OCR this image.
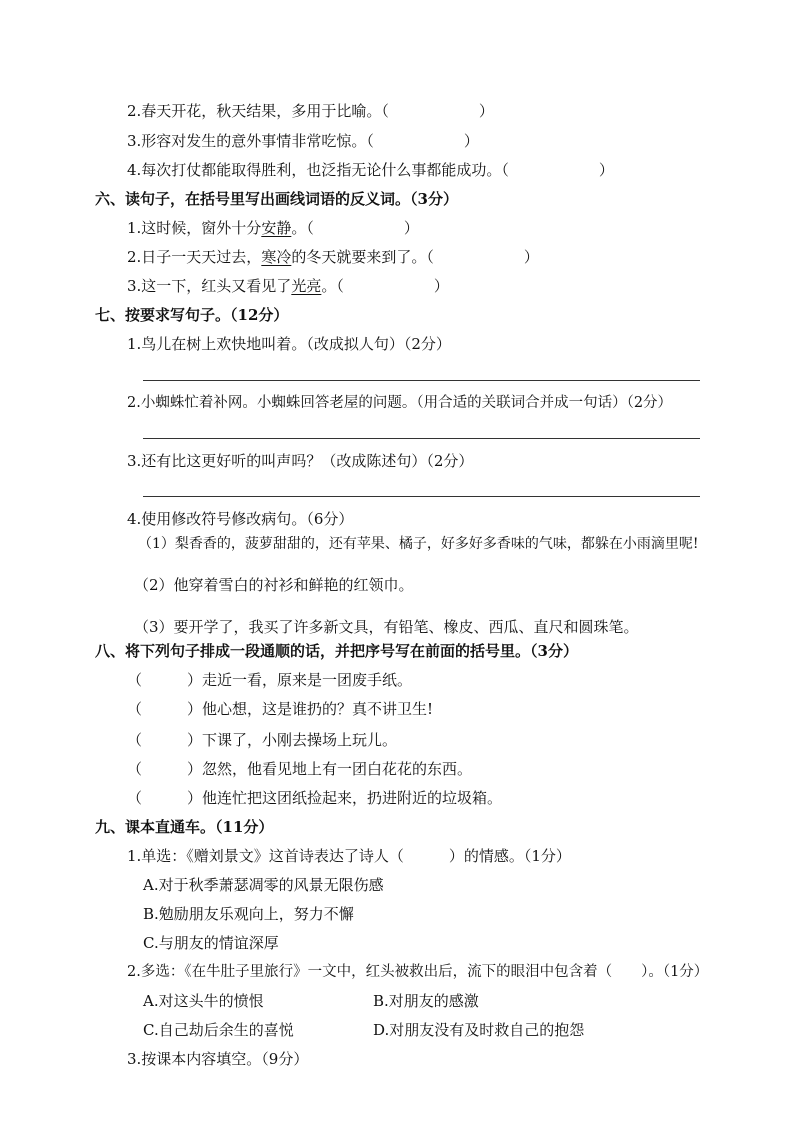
2.春天开花，秋天结果，多用于比喻。（　　　　　　）
3.形容对发生的意外事情非常吃惊。（　　　　　　）
4.每次打仗都能取得胜利，也泛指无论什么事都能成功。（　　　　　　）
六、读句子，在括号里写出画线词语的反义词。（3分）
1.这时候，窗外十分安静。（　　　　　　）
2.日子一天天过去，寒冷的冬天就要来到了。（　　　　　　）
3.这一下，红头又看见了光亮。（　　　　　　）
七、按要求写句子。（12分）
1.鸟儿在树上欢快地叫着。（改成拟人句）（2分）
2.小蜘蛛忙着补网。小蜘蛛回答老屋的问题。（用合适的关联词合并成一句话）（2分）
3.还有比这更好听的叫声吗？（改成陈述句）（2分）
4.使用修改符号修改病句。（6分）
（1）梨香香的，菠萝甜甜的，还有苹果、橘子，好多好多香味的气味，都躲在小雨滴里呢!
（2）他穿着雪白的衬衫和鲜艳的红领巾。
（3）要开学了，我买了许多新文具，有铅笔、橡皮、西瓜、直尺和圆珠笔。
八、将下列句子排成一段通顺的话，并把序号写在前面的括号里。（3分）
（　　　）走近一看，原来是一团废手纸。
（　　　）他心想，这是谁扔的？真不讲卫生!
（　　　）下课了，小刚去操场上玩儿。
（　　　）忽然，他看见地上有一团白花花的东西。
（　　　）他连忙把这团纸捡起来，扔进附近的垃圾箱。
九、课本直通车。（11分）
1.单选：《赠刘景文》这首诗表达了诗人（　　　）的情感。（1分）
A.对于秋季萧瑟凋零的风景无限伤感
B.勉励朋友乐观向上，努力不懈
C.与朋友的情谊深厚
2.多选：《在牛肚子里旅行》一文中，红头被救出后，流下的眼泪中包含着（　　）。（1分）
A.对这头牛的愤恨	B.对朋友的感激
C.自己劫后余生的喜悦	D.对朋友没有及时救自己的抱怨
3.按课本内容填空。（9分）
